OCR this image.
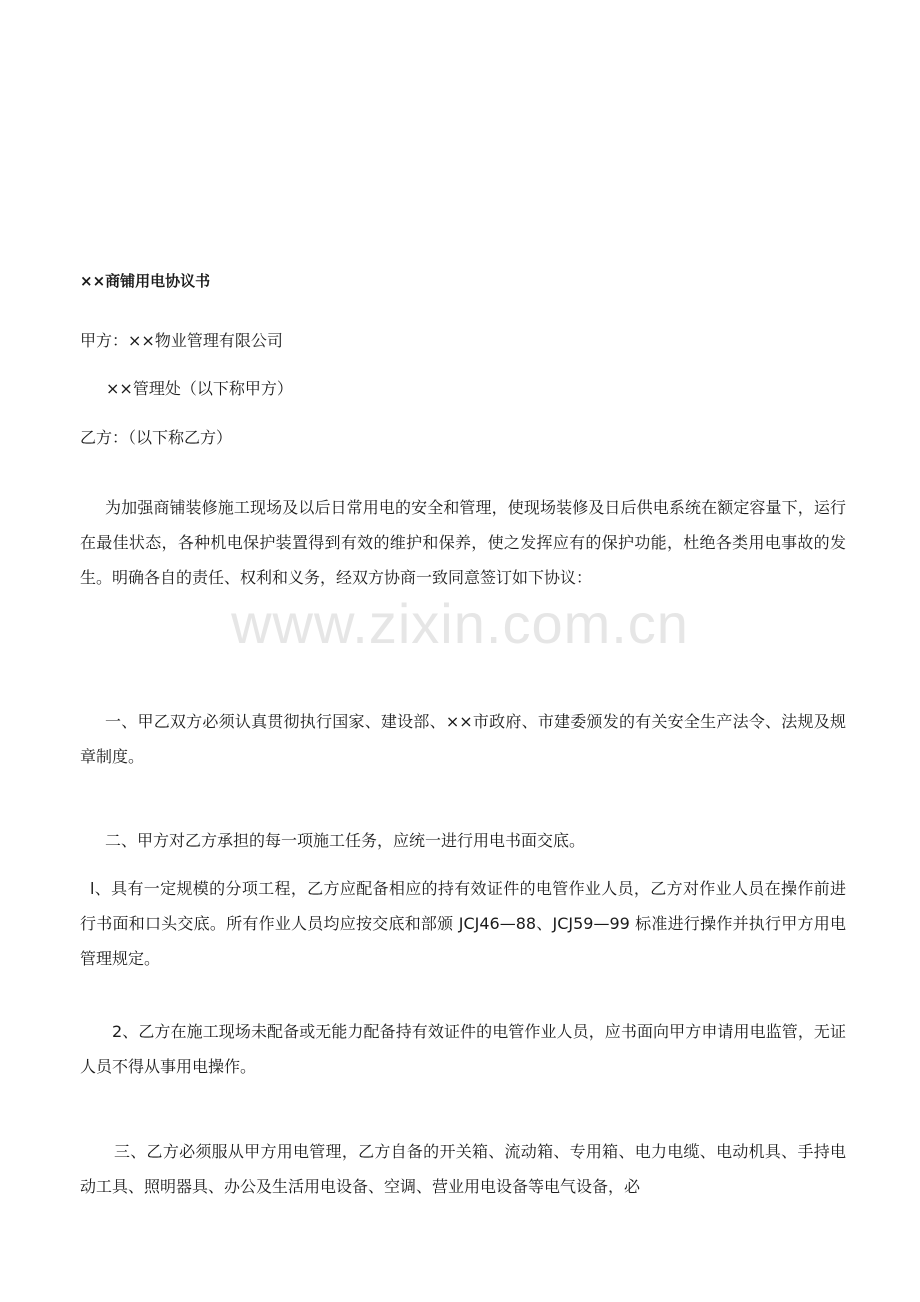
www.zixin.com.cn
××商铺用电协议书
甲方：××物业管理有限公司
××管理处（以下称甲方）
乙方：（以下称乙方）
为加强商铺装修施工现场及以后日常用电的安全和管理，使现场装修及日后供电系统在额定容量下，运行在最佳状态，各种机电保护装置得到有效的维护和保养，使之发挥应有的保护功能，杜绝各类用电事故的发生。明确各自的责任、权利和义务，经双方协商一致同意签订如下协议：
一、甲乙双方必须认真贯彻执行国家、建设部、××市政府、市建委颁发的有关安全生产法令、法规及规章制度。
二、甲方对乙方承担的每一项施工任务，应统一进行用电书面交底。
l、具有一定规模的分项工程，乙方应配备相应的持有效证件的电管作业人员，乙方对作业人员在操作前进行书面和口头交底。所有作业人员均应按交底和部颁 JCJ46—88、JCJ59—99 标准进行操作并执行甲方用电管理规定。
2、乙方在施工现场未配备或无能力配备持有效证件的电管作业人员，应书面向甲方申请用电监管，无证人员不得从事用电操作。
三、乙方必须服从甲方用电管理，乙方自备的开关箱、流动箱、专用箱、电力电缆、电动机具、手持电动工具、照明器具、办公及生活用电设备、空调、营业用电设备等电气设备，必
